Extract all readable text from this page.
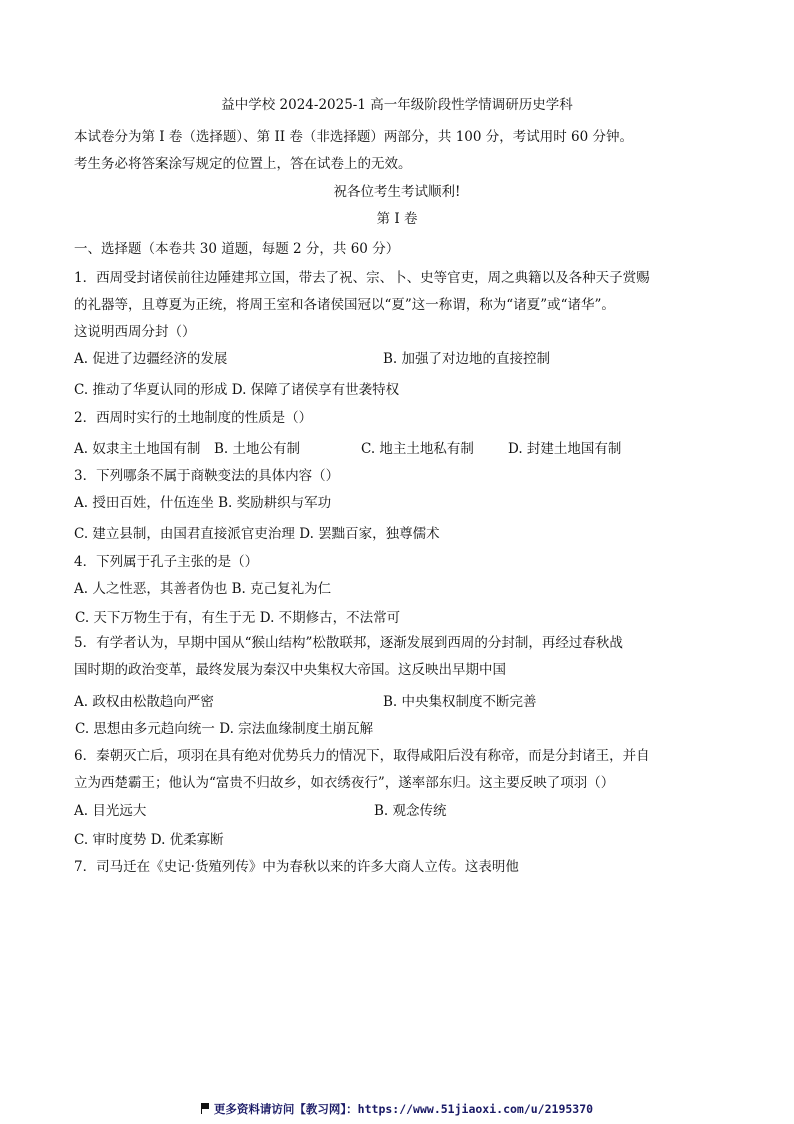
益中学校 2024-2025-1 高一年级阶段性学情调研历史学科
本试卷分为第 I 卷（选择题）、第 II 卷（非选择题）两部分，共 100 分，考试用时 60 分钟。
考生务必将答案涂写规定的位置上，答在试卷上的无效。
祝各位考生考试顺利!
第 I 卷
一、选择题（本卷共 30 道题，每题 2 分，共 60 分）
1．西周受封诸侯前往边陲建邦立国，带去了祝、宗、卜、史等官吏，周之典籍以及各种天子赏赐
的礼器等，且尊夏为正统，将周王室和各诸侯国冠以“夏”这一称谓，称为“诸夏”或“诸华”。
这说明西周分封（）
A. 促进了边疆经济的发展	B. 加强了对边地的直接控制
C. 推动了华夏认同的形成 D. 保障了诸侯享有世袭特权
2．西周时实行的土地制度的性质是（）
A. 奴隶主土地国有制 B. 土地公有制	C. 地主土地私有制	D. 封建土地国有制
3．下列哪条不属于商鞅变法的具体内容（）
A. 授田百姓，什伍连坐 B. 奖励耕织与军功
C. 建立县制，由国君直接派官吏治理 D. 罢黜百家，独尊儒术
4．下列属于孔子主张的是（）
A. 人之性恶，其善者伪也 B. 克己复礼为仁
C. 天下万物生于有，有生于无 D. 不期修古，不法常可
5．有学者认为，早期中国从“猴山结构”松散联邦，逐渐发展到西周的分封制，再经过春秋战
国时期的政治变革，最终发展为秦汉中央集权大帝国。这反映出早期中国
A. 政权由松散趋向严密	B. 中央集权制度不断完善
C. 思想由多元趋向统一 D. 宗法血缘制度土崩瓦解
6．秦朝灭亡后，项羽在具有绝对优势兵力的情况下，取得咸阳后没有称帝，而是分封诸王，并自
立为西楚霸王；他认为“富贵不归故乡，如衣绣夜行”，遂率部东归。这主要反映了项羽（）
A. 目光远大	B. 观念传统
C. 审时度势 D. 优柔寡断
7．司马迁在《史记·货殖列传》中为春秋以来的许多大商人立传。这表明他
更多资料请访问【教习网】：https://www.51jiaoxi.com/u/2195370
